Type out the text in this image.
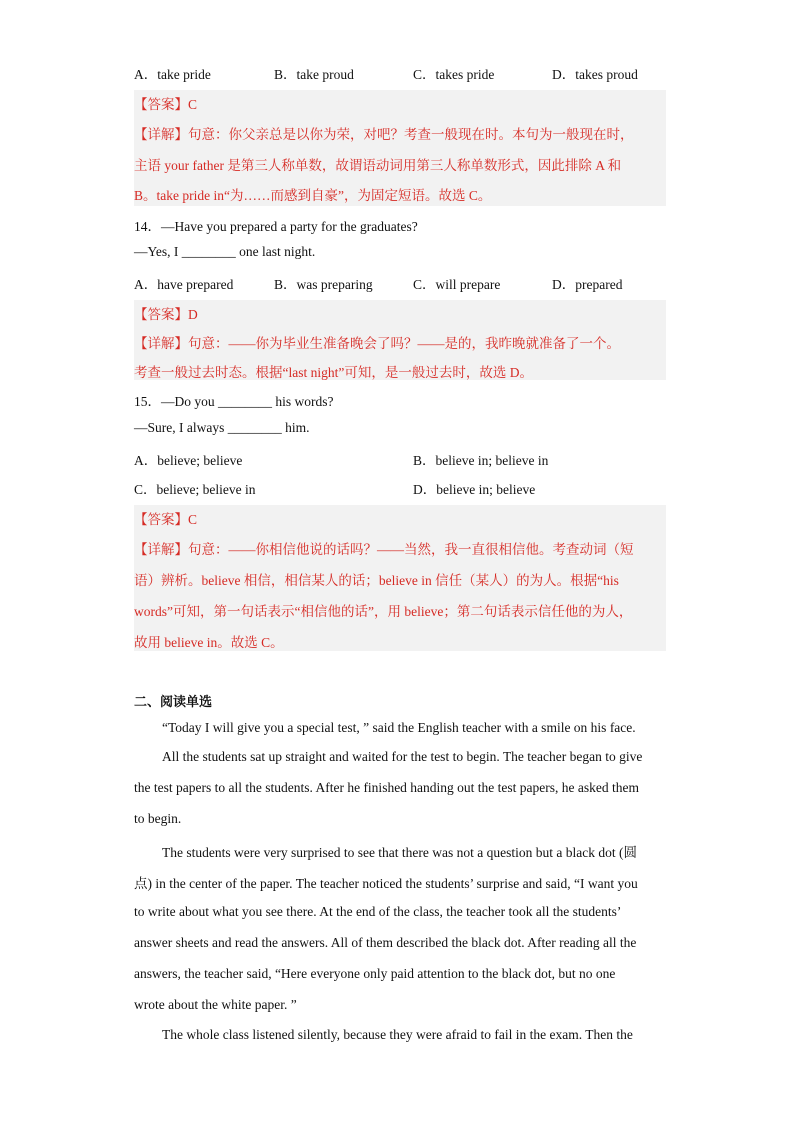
A．take pride	B．take proud	C．takes pride	D．takes proud
【答案】C
【详解】句意：你父亲总是以你为荣，对吧？考查一般现在时。本句为一般现在时，
主语 your father 是第三人称单数，故谓语动词用第三人称单数形式，因此排除 A 和
B。take pride in“为……而感到自豪”，为固定短语。故选 C。
14．—Have you prepared a party for the graduates?
—Yes, I ________ one last night.
A．have prepared	B．was preparing	C．will prepare	D．prepared
【答案】D
【详解】句意：——你为毕业生准备晚会了吗？——是的，我昨晚就准备了一个。
考查一般过去时态。根据“last night”可知，是一般过去时，故选 D。
15．—Do you ________ his words?
—Sure, I always ________ him.
A．believe; believe	B．believe in; believe in
C．believe; believe in	D．believe in; believe
【答案】C
【详解】句意：——你相信他说的话吗？——当然，我一直很相信他。考查动词（短
语）辨析。believe 相信，相信某人的话；believe in 信任（某人）的为人。根据“his
words”可知，第一句话表示“相信他的话”，用 believe；第二句话表示信任他的为人，
故用 believe in。故选 C。
二、阅读单选
“Today I will give you a special test, ” said the English teacher with a smile on his face.
All the students sat up straight and waited for the test to begin. The teacher began to give
the test papers to all the students. After he finished handing out the test papers, he asked them
to begin.
The students were very surprised to see that there was not a question but a black dot (圆
点) in the center of the paper. The teacher noticed the students’ surprise and said, “I want you
to write about what you see there. At the end of the class, the teacher took all the students’
answer sheets and read the answers. All of them described the black dot. After reading all the
answers, the teacher said, “Here everyone only paid attention to the black dot, but no one
wrote about the white paper. ”
The whole class listened silently, because they were afraid to fail in the exam. Then the
